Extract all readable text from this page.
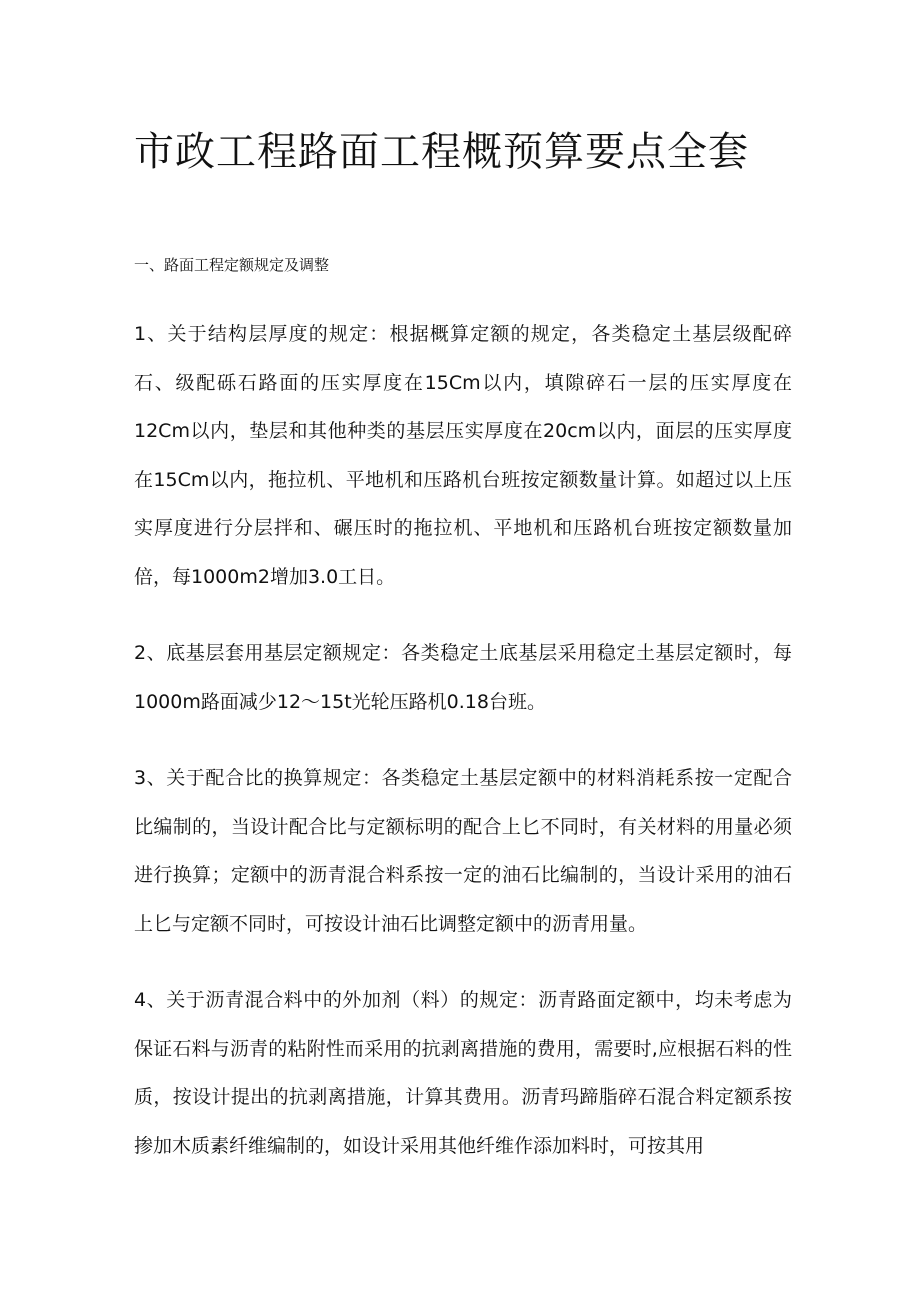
市政工程路面工程概预算要点全套
一、路面工程定额规定及调整

1、关于结构层厚度的规定：根据概算定额的规定，各类稳定土基层级配碎石、级配砾石路面的压实厚度在15Cm以内，填隙碎石一层的压实厚度在12Cm以内，垫层和其他种类的基层压实厚度在20cm以内，面层的压实厚度在15Cm以内，拖拉机、平地机和压路机台班按定额数量计算。如超过以上压实厚度进行分层拌和、碾压时的拖拉机、平地机和压路机台班按定额数量加倍，每1000m2增加3.0工日。

2、底基层套用基层定额规定：各类稳定土底基层采用稳定土基层定额时，每1000m路面减少12～15t光轮压路机0.18台班。

3、关于配合比的换算规定：各类稳定土基层定额中的材料消耗系按一定配合比编制的，当设计配合比与定额标明的配合上匕不同时，有关材料的用量必须进行换算；定额中的沥青混合料系按一定的油石比编制的，当设计采用的油石上匕与定额不同时，可按设计油石比调整定额中的沥青用量。

4、关于沥青混合料中的外加剂（料）的规定：沥青路面定额中，均未考虑为保证石料与沥青的粘附性而采用的抗剥离措施的费用，需要时,应根据石料的性质，按设计提出的抗剥离措施，计算其费用。沥青玛蹄脂碎石混合料定额系按掺加木质素纤维编制的，如设计采用其他纤维作添加料时，可按其用
